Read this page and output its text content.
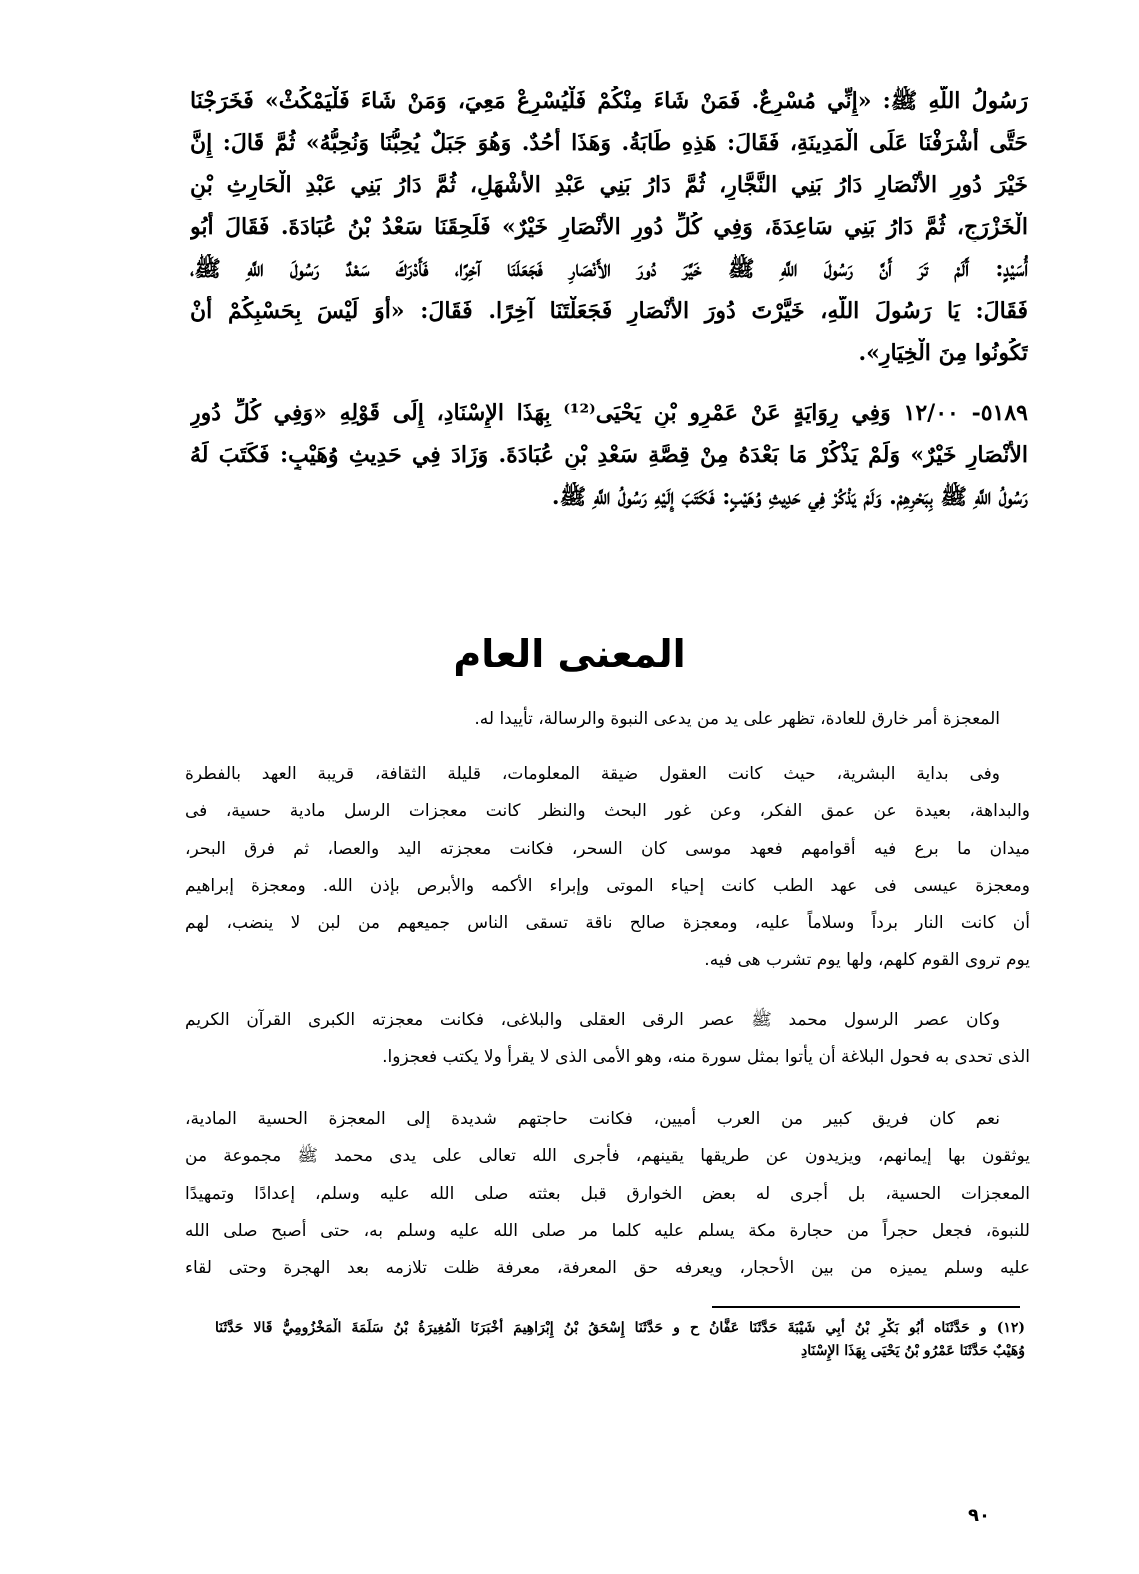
رَسُولُ اللَّهِ ﷺ: «إِنِّي مُسْرِعٌ. فَمَنْ شَاءَ مِنْكُمْ فَلْيُسْرِعْ مَعِيَ، وَمَنْ شَاءَ فَلْيَمْكُثْ» فَخَرَجْنَا
حَتَّى أَشْرَفْنَا عَلَى الْمَدِينَةِ، فَقَالَ: هَذِهِ طَابَةُ. وَهَذَا أُحُدٌ. وَهُوَ جَبَلٌ يُحِبُّنَا وَنُحِبُّهُ» ثُمَّ قَالَ: إِنَّ
خَيْرَ دُورِ الأَنْصَارِ دَارُ بَنِي النَّجَّارِ، ثُمَّ دَارُ بَنِي عَبْدِ الأَشْهَلِ، ثُمَّ دَارُ بَنِي عَبْدِ الْحَارِثِ بْنِ
الْخَزْرَجِ، ثُمَّ دَارُ بَنِي سَاعِدَةَ، وَفِي كُلِّ دُورِ الأَنْصَارِ خَيْرٌ» فَلَحِقَنَا سَعْدُ بْنُ عُبَادَةَ. فَقَالَ أَبُو
أُسَيْدٍ: أَلَمْ تَرَ أَنَّ رَسُولَ اللَّهِ ﷺ خَيَّرَ دُورَ الأَنْصَارِ فَجَعَلَنَا آخِرًا، فَأَدْرَكَ سَعْدٌ رَسُولَ اللَّهِ ﷺ،
فَقَالَ: يَا رَسُولَ اللَّهِ، خَيَّرْتَ دُورَ الأَنْصَارِ فَجَعَلْتَنَا آخِرًا. فَقَالَ: «أَوَ لَيْسَ بِحَسْبِكُمْ أَنْ
تَكُونُوا مِنَ الْخِيَارِ».
٥١٨٩- ١٢/٠٠ وَفِي رِوَايَةٍ عَنْ عَمْرِو بْنِ يَحْيَى⁽¹²⁾ بِهَذَا الإِسْنَادِ، إِلَى قَوْلِهِ «وَفِي كُلِّ دُورِ
الأَنْصَارِ خَيْرٌ» وَلَمْ يَذْكُرْ مَا بَعْدَهُ مِنْ قِصَّةِ سَعْدِ بْنِ عُبَادَةَ. وَزَادَ فِي حَدِيثِ وُهَيْبٍ: فَكَتَبَ لَهُ
رَسُولُ اللَّهِ ﷺ بِبَحْرِهِمْ. وَلَمْ يَذْكُرْ فِي حَدِيثِ وُهَيْبٍ: فَكَتَبَ إِلَيْهِ رَسُولُ اللَّهِ ﷺ.
المعنى العام
المعجزة أمر خارق للعادة، تظهر على يد من يدعى النبوة والرسالة، تأييدا له.
وفى بداية البشرية، حيث كانت العقول ضيقة المعلومات، قليلة الثقافة، قريبة العهد بالفطرة
والبداهة، بعيدة عن عمق الفكر، وعن غور البحث والنظر كانت معجزات الرسل مادية حسية، فى
ميدان ما برع فيه أقوامهم فعهد موسى كان السحر، فكانت معجزته اليد والعصا، ثم فرق البحر،
ومعجزة عيسى فى عهد الطب كانت إحياء الموتى وإبراء الأكمه والأبرص بإذن الله. ومعجزة إبراهيم
أن كانت النار برداً وسلاماً عليه، ومعجزة صالح ناقة تسقى الناس جميعهم من لبن لا ينضب، لهم
يوم تروى القوم كلهم، ولها يوم تشرب هى فيه.
وكان عصر الرسول محمد ﷺ عصر الرقى العقلى والبلاغى، فكانت معجزته الكبرى القرآن الكريم
الذى تحدى به فحول البلاغة أن يأتوا بمثل سورة منه، وهو الأمى الذى لا يقرأ ولا يكتب فعجزوا.
نعم كان فريق كبير من العرب أميين، فكانت حاجتهم شديدة إلى المعجزة الحسية المادية،
يوثقون بها إيمانهم، ويزيدون عن طريقها يقينهم، فأجرى الله تعالى على يدى محمد ﷺ مجموعة من
المعجزات الحسية، بل أجرى له بعض الخوارق قبل بعثته صلى الله عليه وسلم، إعدادًا وتمهيدًا
للنبوة، فجعل حجراً من حجارة مكة يسلم عليه كلما مر صلى الله عليه وسلم به، حتى أصبح صلى الله
عليه وسلم يميزه من بين الأحجار، ويعرفه حق المعرفة، معرفة ظلت تلازمه بعد الهجرة وحتى لقاء
(١٢) و حَدَّثَنَاه أَبُو بَكْرِ بْنُ أَبِي شَيْبَةَ حَدَّثَنَا عَفَّانُ ح و حَدَّثَنَا إِسْحَقُ بْنُ إِبْرَاهِيمَ أَخْبَرَنَا الْمُغِيرَةُ بْنُ سَلَمَةَ الْمَخْزُومِيُّ قَالا حَدَّثَنَا
وُهَيْبٌ حَدَّثَنَا عَمْرُو بْنُ يَحْيَى بِهَذَا الإِسْنَادِ
٩٠
